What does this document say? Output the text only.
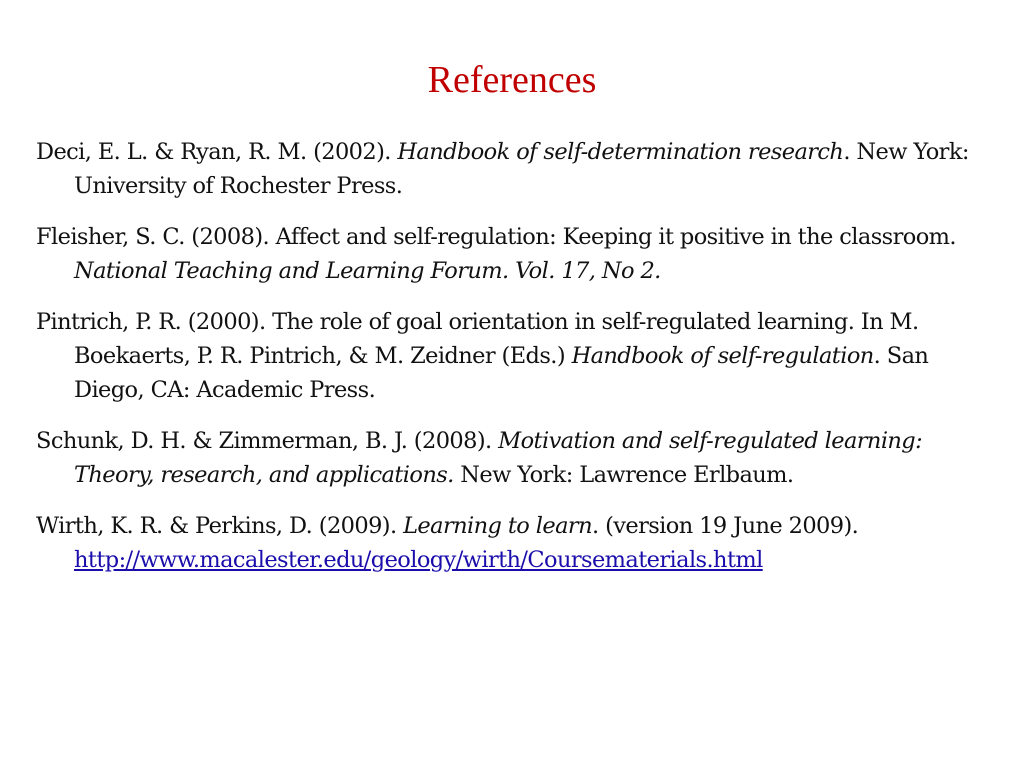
References

Deci, E. L. & Ryan, R. M. (2002). Handbook of self-determination research. New York: University of Rochester Press.

Fleisher, S. C. (2008). Affect and self-regulation: Keeping it positive in the classroom. National Teaching and Learning Forum. Vol. 17, No 2.

Pintrich, P. R. (2000). The role of goal orientation in self-regulated learning. In M. Boekaerts, P. R. Pintrich, & M. Zeidner (Eds.) Handbook of self-regulation. San Diego, CA: Academic Press.

Schunk, D. H. & Zimmerman, B. J. (2008). Motivation and self-regulated learning: Theory, research, and applications. New York: Lawrence Erlbaum.

Wirth, K. R. & Perkins, D. (2009). Learning to learn. (version 19 June 2009). http://www.macalester.edu/geology/wirth/Coursematerials.html
